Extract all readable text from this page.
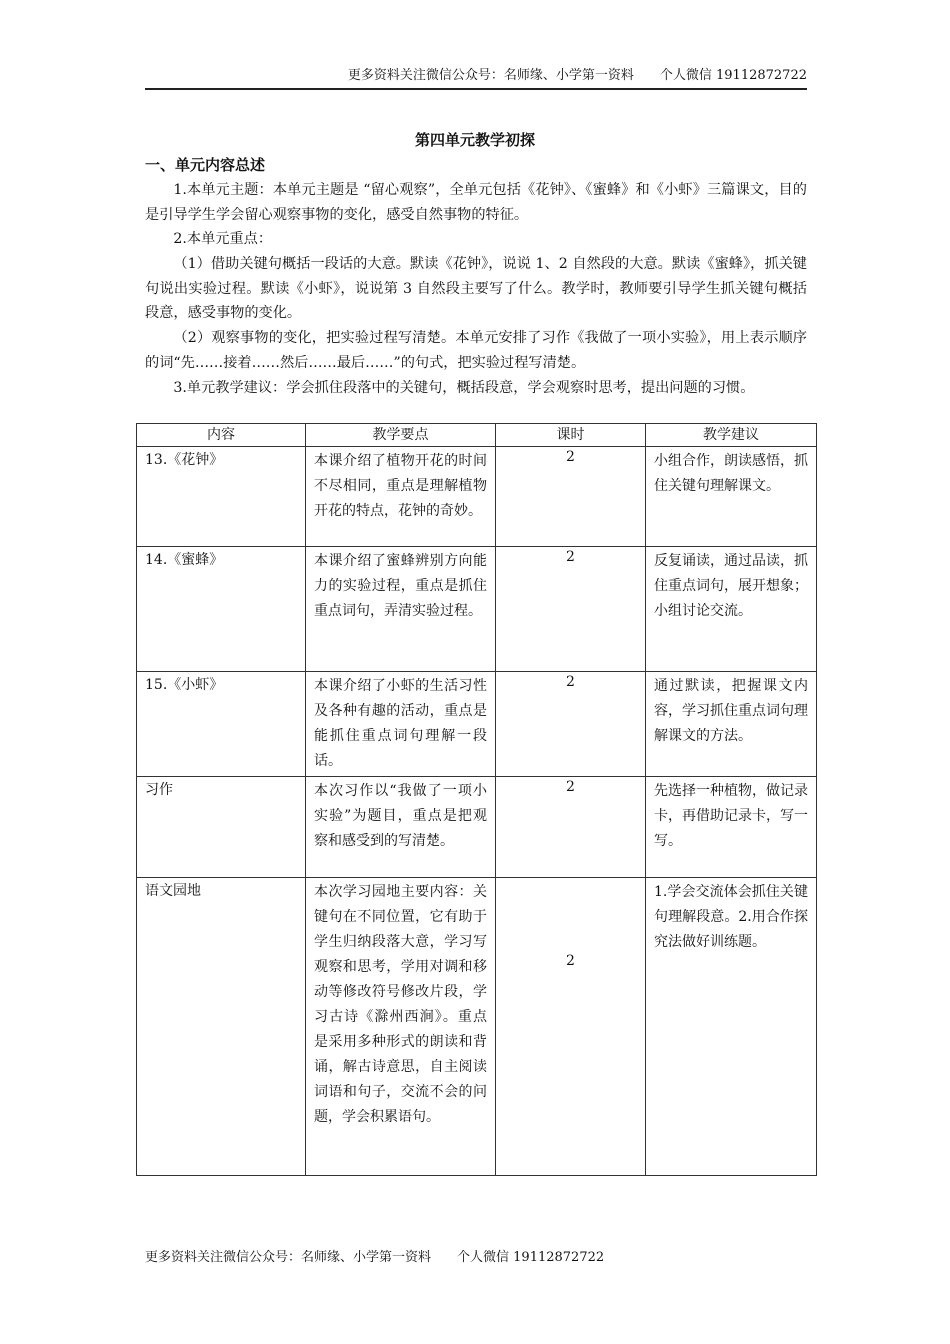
更多资料关注微信公众号：名师缘、小学第一资料 个人微信 19112872722
第四单元教学初探
一、单元内容总述

1.本单元主题：本单元主题是 “留心观察”，全单元包括《花钟》、《蜜蜂》和《小虾》三篇课文，目的是引导学生学会留心观察事物的变化，感受自然事物的特征。

2.本单元重点：

（1）借助关键句概括一段话的大意。默读《花钟》，说说 1、2 自然段的大意。默读《蜜蜂》，抓关键句说出实验过程。默读《小虾》，说说第 3 自然段主要写了什么。教学时，教师要引导学生抓关键句概括段意，感受事物的变化。

（2）观察事物的变化，把实验过程写清楚。本单元安排了习作《我做了一项小实验》，用上表示顺序的词“先……接着……然后……最后……”的句式，把实验过程写清楚。

3.单元教学建议：学会抓住段落中的关键句，概括段意，学会观察时思考，提出问题的习惯。

内容	教学要点	课时	教学建议
13.《花钟》	本课介绍了植物开花的时间不尽相同，重点是理解植物开花的特点，花钟的奇妙。	2	小组合作，朗读感悟，抓住关键句理解课文。
14.《蜜蜂》	本课介绍了蜜蜂辨别方向能力的实验过程，重点是抓住重点词句，弄清实验过程。	2	反复诵读，通过品读，抓住重点词句，展开想象；小组讨论交流。
15.《小虾》	本课介绍了小虾的生活习性及各种有趣的活动，重点是能抓住重点词句理解一段话。	2	通过默读，把握课文内容，学习抓住重点词句理解课文的方法。
习作	本次习作以“我做了一项小实验”为题目，重点是把观察和感受到的写清楚。	2	先选择一种植物，做记录卡，再借助记录卡，写一写。
语文园地	本次学习园地主要内容：关键句在不同位置，它有助于学生归纳段落大意，学习写观察和思考，学用对调和移动等修改符号修改片段，学习古诗《滁州西涧》。重点是采用多种形式的朗读和背诵，解古诗意思，自主阅读词语和句子，交流不会的问题，学会积累语句。	2	1.学会交流体会抓住关键句理解段意。2.用合作探究法做好训练题。
更多资料关注微信公众号：名师缘、小学第一资料 个人微信 19112872722
